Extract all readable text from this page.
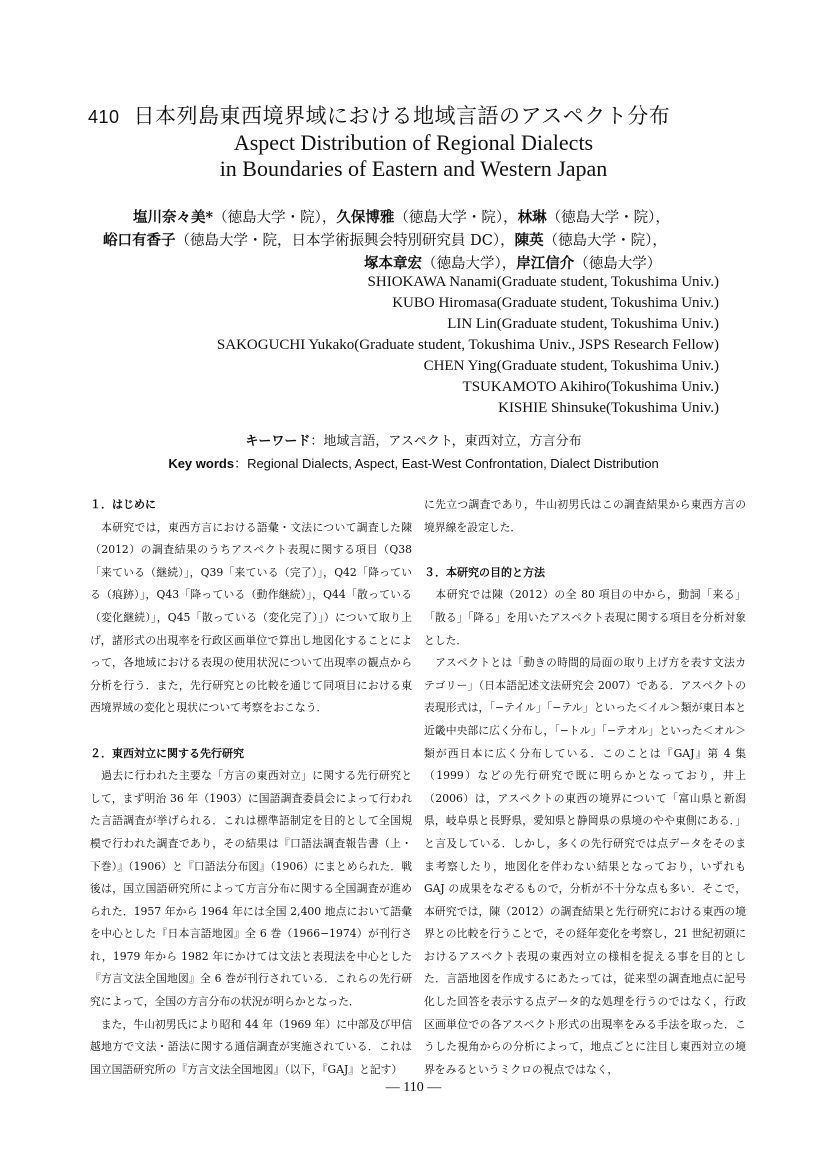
410 日本列島東西境界域における地域言語のアスペクト分布
Aspect Distribution of Regional Dialects
in Boundaries of Eastern and Western Japan
塩川奈々美*（徳島大学・院），久保博雅（徳島大学・院），林琳（徳島大学・院），
峪口有香子（徳島大学・院，日本学術振興会特別研究員 DC），陳英（徳島大学・院），
塚本章宏（徳島大学），岸江信介（徳島大学）
SHIOKAWA Nanami(Graduate student, Tokushima Univ.)
KUBO Hiromasa(Graduate student, Tokushima Univ.)
LIN Lin(Graduate student, Tokushima Univ.)
SAKOGUCHI Yukako(Graduate student, Tokushima Univ., JSPS Research Fellow)
CHEN Ying(Graduate student, Tokushima Univ.)
TSUKAMOTO Akihiro(Tokushima Univ.)
KISHIE Shinsuke(Tokushima Univ.)
キーワード：地域言語，アスペクト，東西対立，方言分布
Key words：Regional Dialects, Aspect, East-West Confrontation, Dialect Distribution

１．はじめに

　本研究では，東西方言における語彙・文法について調査した陳（2012）の調査結果のうちアスペクト表現に関する項目（Q38「来ている（継続）」，Q39「来ている（完了）」，Q42「降っている（痕跡）」，Q43「降っている（動作継続）」，Q44「散っている（変化継続）」，Q45「散っている（変化完了）」）について取り上げ，諸形式の出現率を行政区画単位で算出し地図化することによって，各地域における表現の使用状況について出現率の観点から分析を行う．また，先行研究との比較を通じて同項目における東西境界域の変化と現状について考察をおこなう．

２．東西対立に関する先行研究

　過去に行われた主要な「方言の東西対立」に関する先行研究として，まず明治 36 年（1903）に国語調査委員会によって行われた言語調査が挙げられる．これは標準語制定を目的として全国規模で行われた調査であり，その結果は『口語法調査報告書（上・下巻）』（1906）と『口語法分布図』（1906）にまとめられた．戦後は，国立国語研究所によって方言分布に関する全国調査が進められた．1957 年から 1964 年には全国 2,400 地点において語彙を中心とした『日本言語地図』全 6 巻（1966−1974）が刊行され，1979 年から 1982 年にかけては文法と表現法を中心とした『方言文法全国地図』全 6 巻が刊行されている．これらの先行研究によって，全国の方言分布の状況が明らかとなった．

　また，牛山初男氏により昭和 44 年（1969 年）に中部及び甲信越地方で文法・語法に関する通信調査が実施されている．これは国立国語研究所の『方言文法全国地図』（以下，『GAJ』と記す）

に先立つ調査であり，牛山初男氏はこの調査結果から東西方言の境界線を設定した．

３．本研究の目的と方法

　本研究では陳（2012）の全 80 項目の中から，動詞「来る」「散る」「降る」を用いたアスペクト表現に関する項目を分析対象とした．

　アスペクトとは「動きの時間的局面の取り上げ方を表す文法カテゴリー」（日本語記述文法研究会 2007）である．アスペクトの表現形式は，「−テイル」「−テル」といった＜イル＞類が東日本と近畿中央部に広く分布し，「−トル」「−テオル」といった＜オル＞類が西日本に広く分布している．このことは『GAJ』第 4 集（1999）などの先行研究で既に明らかとなっており，井上（2006）は，アスペクトの東西の境界について「富山県と新潟県，岐阜県と長野県，愛知県と静岡県の県境のやや東側にある．」と言及している．しかし，多くの先行研究では点データをそのまま考察したり，地図化を伴わない結果となっており，いずれも GAJ の成果をなぞるもので，分析が不十分な点も多い．そこで，本研究では，陳（2012）の調査結果と先行研究における東西の境界との比較を行うことで，その経年変化を考察し，21 世紀初頭におけるアスペクト表現の東西対立の様相を捉える事を目的とした．言語地図を作成するにあたっては，従来型の調査地点に記号化した回答を表示する点データ的な処理を行うのではなく，行政区画単位での各アスペクト形式の出現率をみる手法を取った．こうした視角からの分析によって，地点ごとに注目し東西対立の境界をみるというミクロの視点ではなく，

— 110 —
